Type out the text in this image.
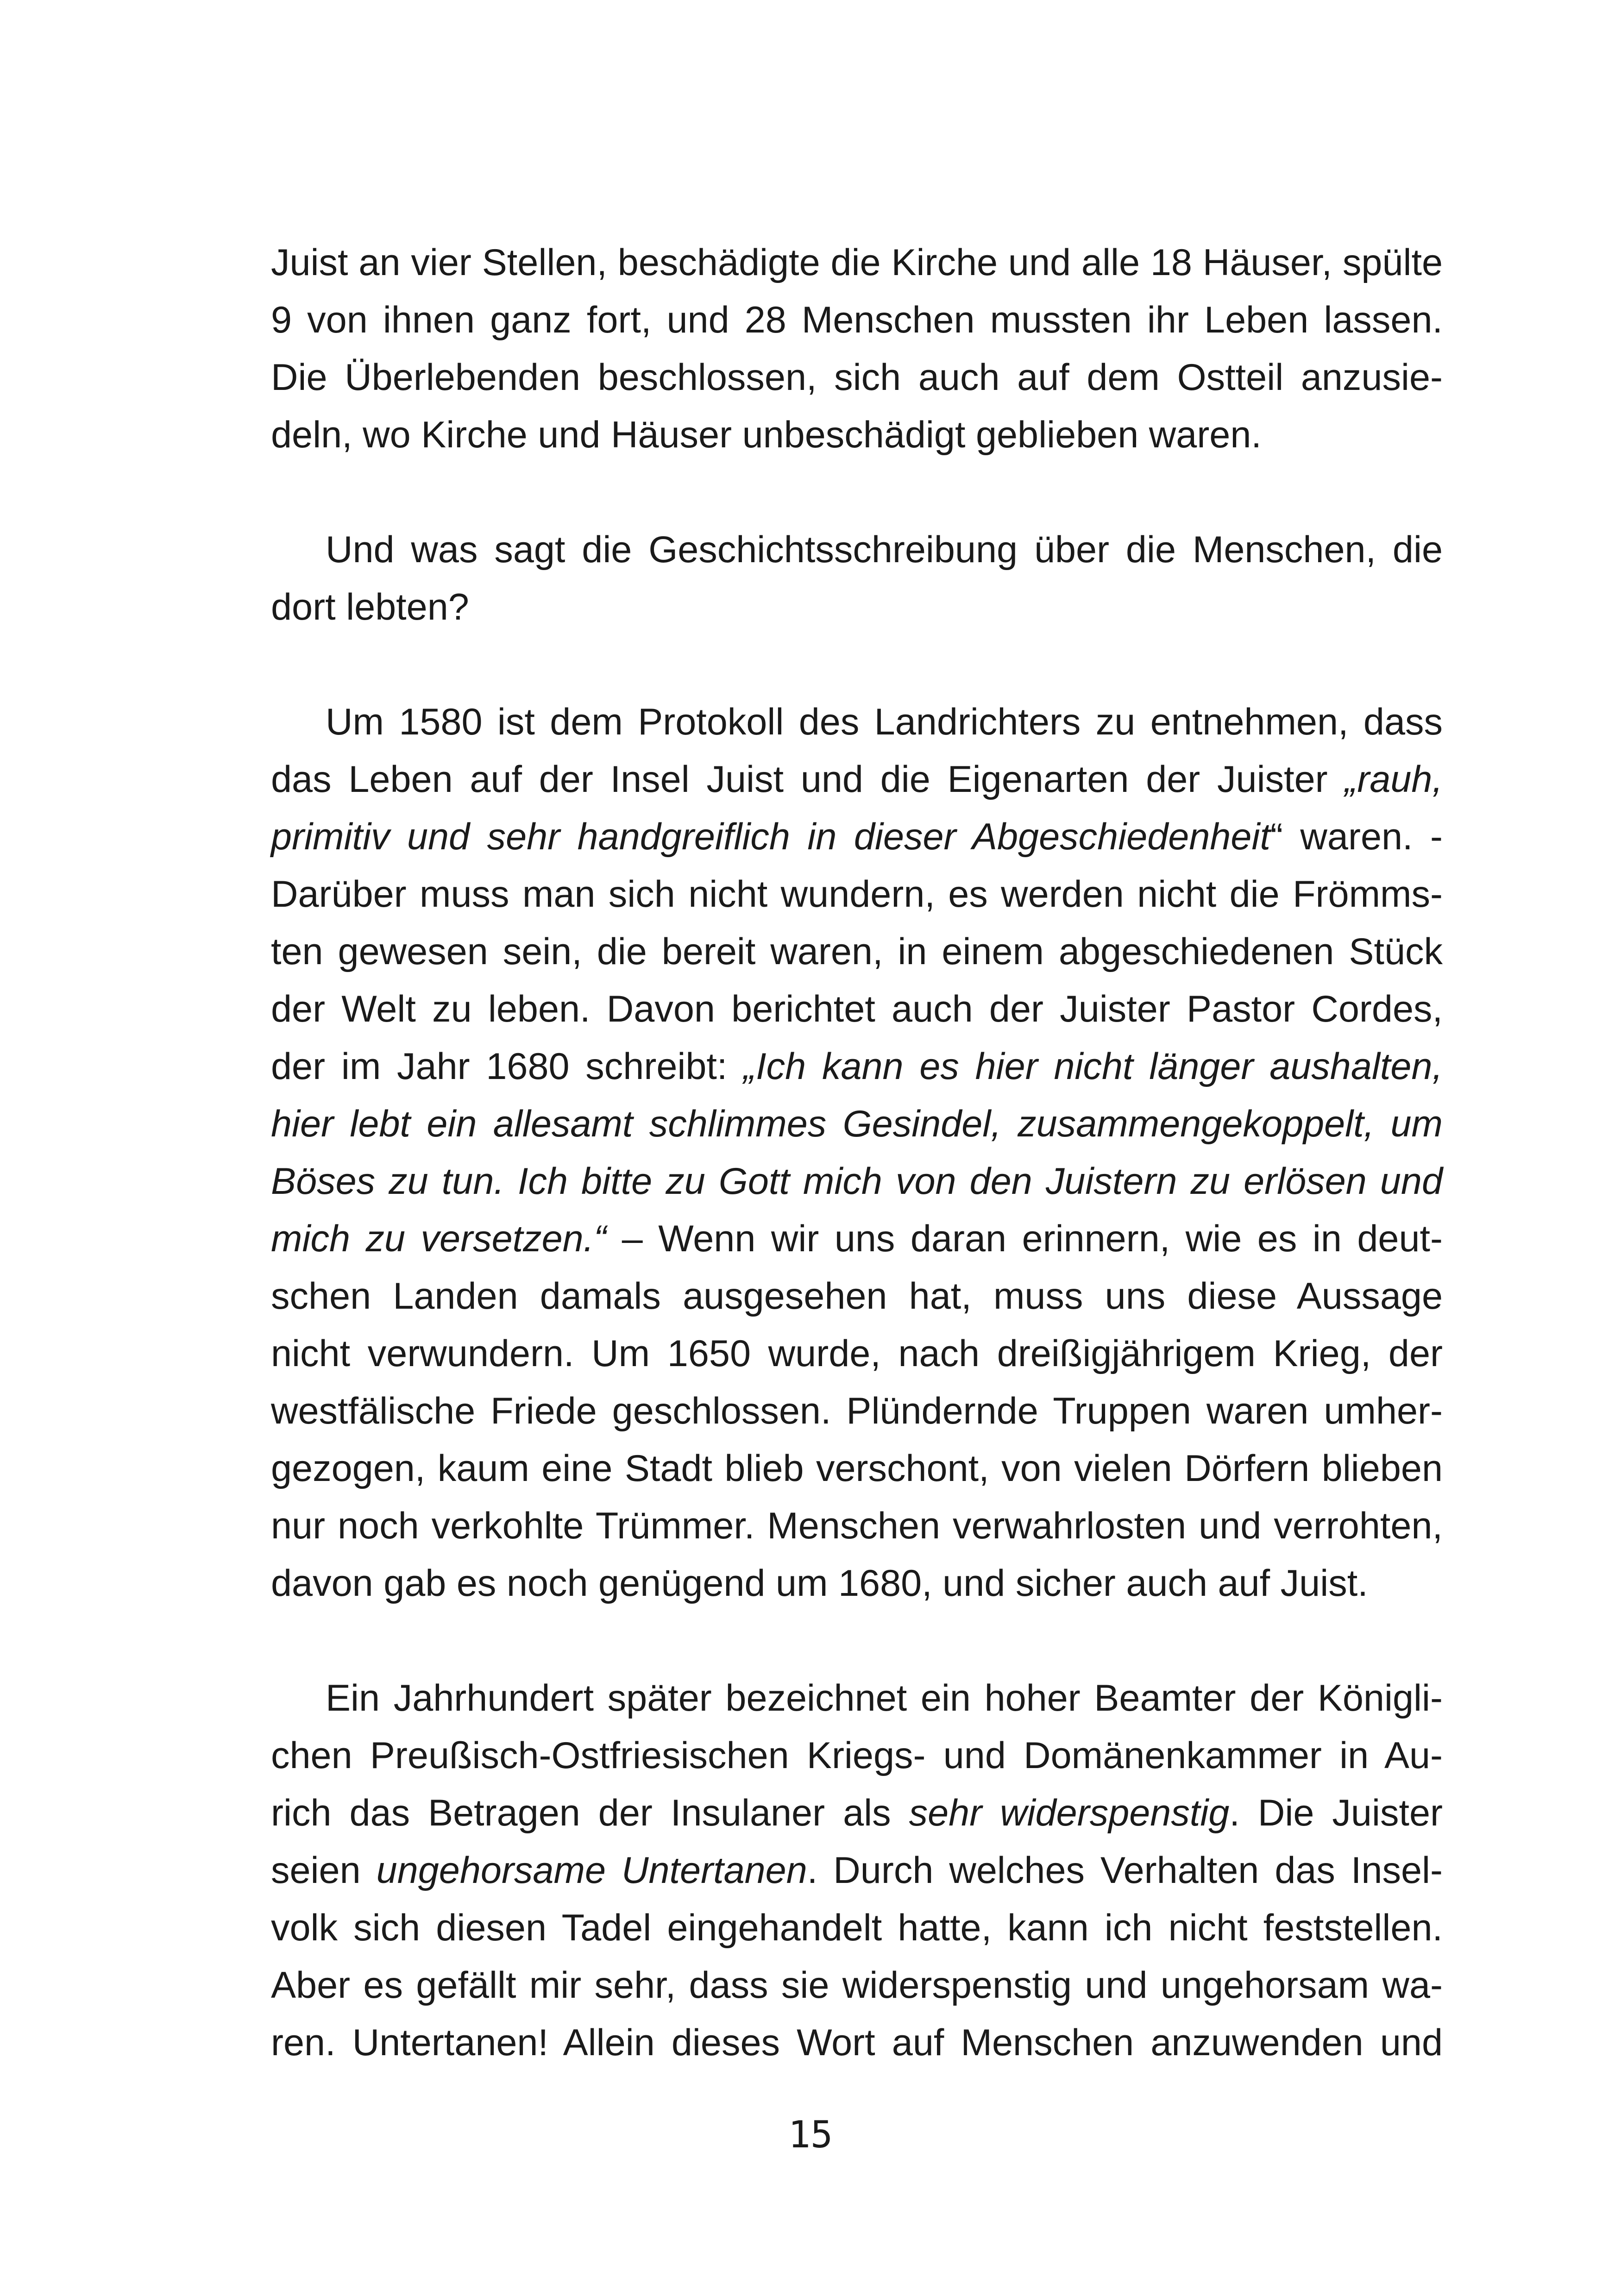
Juist an vier Stellen, beschädigte die Kirche und alle 18 Häuser, spülte
9 von ihnen ganz fort, und 28 Menschen mussten ihr Leben lassen.
Die Überlebenden beschlossen, sich auch auf dem Ostteil anzusie-
deln, wo Kirche und Häuser unbeschädigt geblieben waren.
Und was sagt die Geschichtsschreibung über die Menschen, die
dort lebten?
Um 1580 ist dem Protokoll des Landrichters zu entnehmen, dass
das Leben auf der Insel Juist und die Eigenarten der Juister „rauh,
primitiv und sehr handgreiflich in dieser Abgeschiedenheit“ waren. -
Darüber muss man sich nicht wundern, es werden nicht die Frömms-
ten gewesen sein, die bereit waren, in einem abgeschiedenen Stück
der Welt zu leben. Davon berichtet auch der Juister Pastor Cordes,
der im Jahr 1680 schreibt: „Ich kann es hier nicht länger aushalten,
hier lebt ein allesamt schlimmes Gesindel, zusammengekoppelt, um
Böses zu tun. Ich bitte zu Gott mich von den Juistern zu erlösen und
mich zu versetzen.“ – Wenn wir uns daran erinnern, wie es in deut-
schen Landen damals ausgesehen hat, muss uns diese Aussage
nicht verwundern. Um 1650 wurde, nach dreißigjährigem Krieg, der
westfälische Friede geschlossen. Plündernde Truppen waren umher-
gezogen, kaum eine Stadt blieb verschont, von vielen Dörfern blieben
nur noch verkohlte Trümmer. Menschen verwahrlosten und verrohten,
davon gab es noch genügend um 1680, und sicher auch auf Juist.
Ein Jahrhundert später bezeichnet ein hoher Beamter der Königli-
chen Preußisch-Ostfriesischen Kriegs- und Domänenkammer in Au-
rich das Betragen der Insulaner als sehr widerspenstig. Die Juister
seien ungehorsame Untertanen. Durch welches Verhalten das Insel-
volk sich diesen Tadel eingehandelt hatte, kann ich nicht feststellen.
Aber es gefällt mir sehr, dass sie widerspenstig und ungehorsam wa-
ren. Untertanen! Allein dieses Wort auf Menschen anzuwenden und
15
